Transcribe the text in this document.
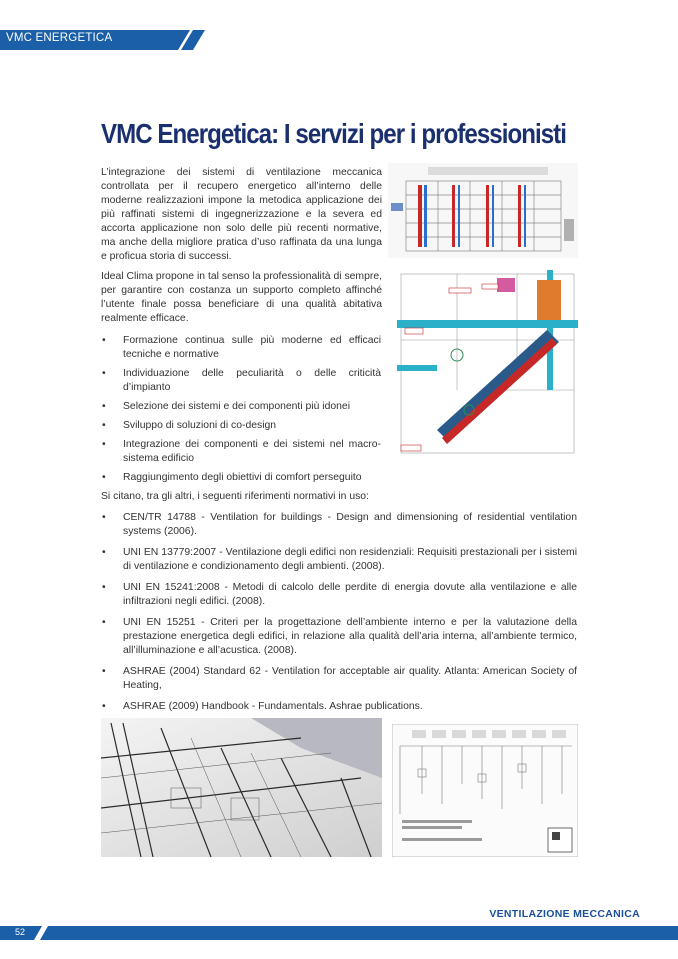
VMC ENERGETICA
VMC Energetica: I servizi per i professionisti

L’integrazione dei sistemi di ventilazione meccanica controllata per il recupero energetico all’interno delle moderne realizzazioni impone la metodica applicazione dei più raffinati sistemi di ingegnerizzazione e la severa ed accorta applicazione non solo delle più recenti normative, ma anche della migliore pratica d’uso raffinata da una lunga e proficua storia di successi.

Ideal Clima propone in tal senso la professionalità di sempre, per garantire con costanza un supporto completo affinché l’utente finale possa beneficiare di una qualità abitativa realmente efficace.

• Formazione continua sulle più moderne ed efficaci tecniche e normative
• Individuazione delle peculiarità o delle criticità d’impianto
• Selezione dei sistemi e dei componenti più idonei
• Sviluppo di soluzioni di co-design
• Integrazione dei componenti e dei sistemi nel macro-sistema edificio
• Raggiungimento degli obiettivi di comfort perseguito
Si citano, tra gli altri, i seguenti riferimenti normativi in uso:
• CEN/TR 14788 - Ventilation for buildings - Design and dimensioning of residential ventilation systems (2006).
• UNI EN 13779:2007 - Ventilazione degli edifici non residenziali: Requisiti prestazionali per i sistemi di ventilazione e condizionamento degli ambienti. (2008).
• UNI EN 15241:2008 - Metodi di calcolo delle perdite di energia dovute alla ventilazione e alle infiltrazioni negli edifici. (2008).
• UNI EN 15251 - Criteri per la progettazione dell’ambiente interno e per la valutazione della prestazione energetica degli edifici, in relazione alla qualità dell’aria interna, all’ambiente termico, all’illuminazione e all’acustica. (2008).
• ASHRAE (2004) Standard 62 - Ventilation for acceptable air quality. Atlanta: American Society of Heating,
• ASHRAE (2009) Handbook - Fundamentals. Ashrae publications.
VENTILAZIONE MECCANICA
52
